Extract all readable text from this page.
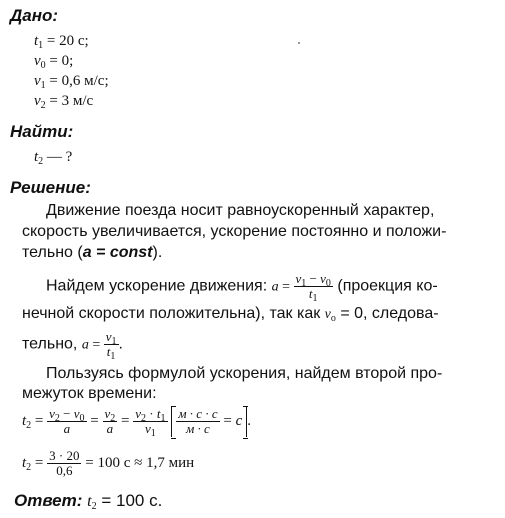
Дано:
$t_1 = 20$ с;
$v_0 = 0$;
$v_1 = 0,6$ м/с;
$v_2 = 3$ м/с
Найти:
$t_2$ — ?
Решение:
Движение поезда носит равноускоренный характер,
скорость увеличивается, ускорение постоянно и положи-
тельно (a = const).
Найдем ускорение движения: $a = \frac{v_1 - v_0}{t_1}$ (проекция ко-
нечной скорости положительна), так как $v_o = 0$, следова-
тельно, $a = \frac{v_1}{t_1}$ .
Пользуясь формулой ускорения, найдем второй про-
межуток времени:
$t_2 = \frac{v_2 - v_0}{a} = \frac{v_2}{a} = \frac{v_2 \cdot t_1}{v_1}$
$\frac{м \cdot с \cdot с}{м \cdot с} = c$ .
$t_2 = \frac{3 \cdot 20}{0,6} = 100$ с ≈ 1,7 мин
Ответ: $t_2 = 100$ с.
